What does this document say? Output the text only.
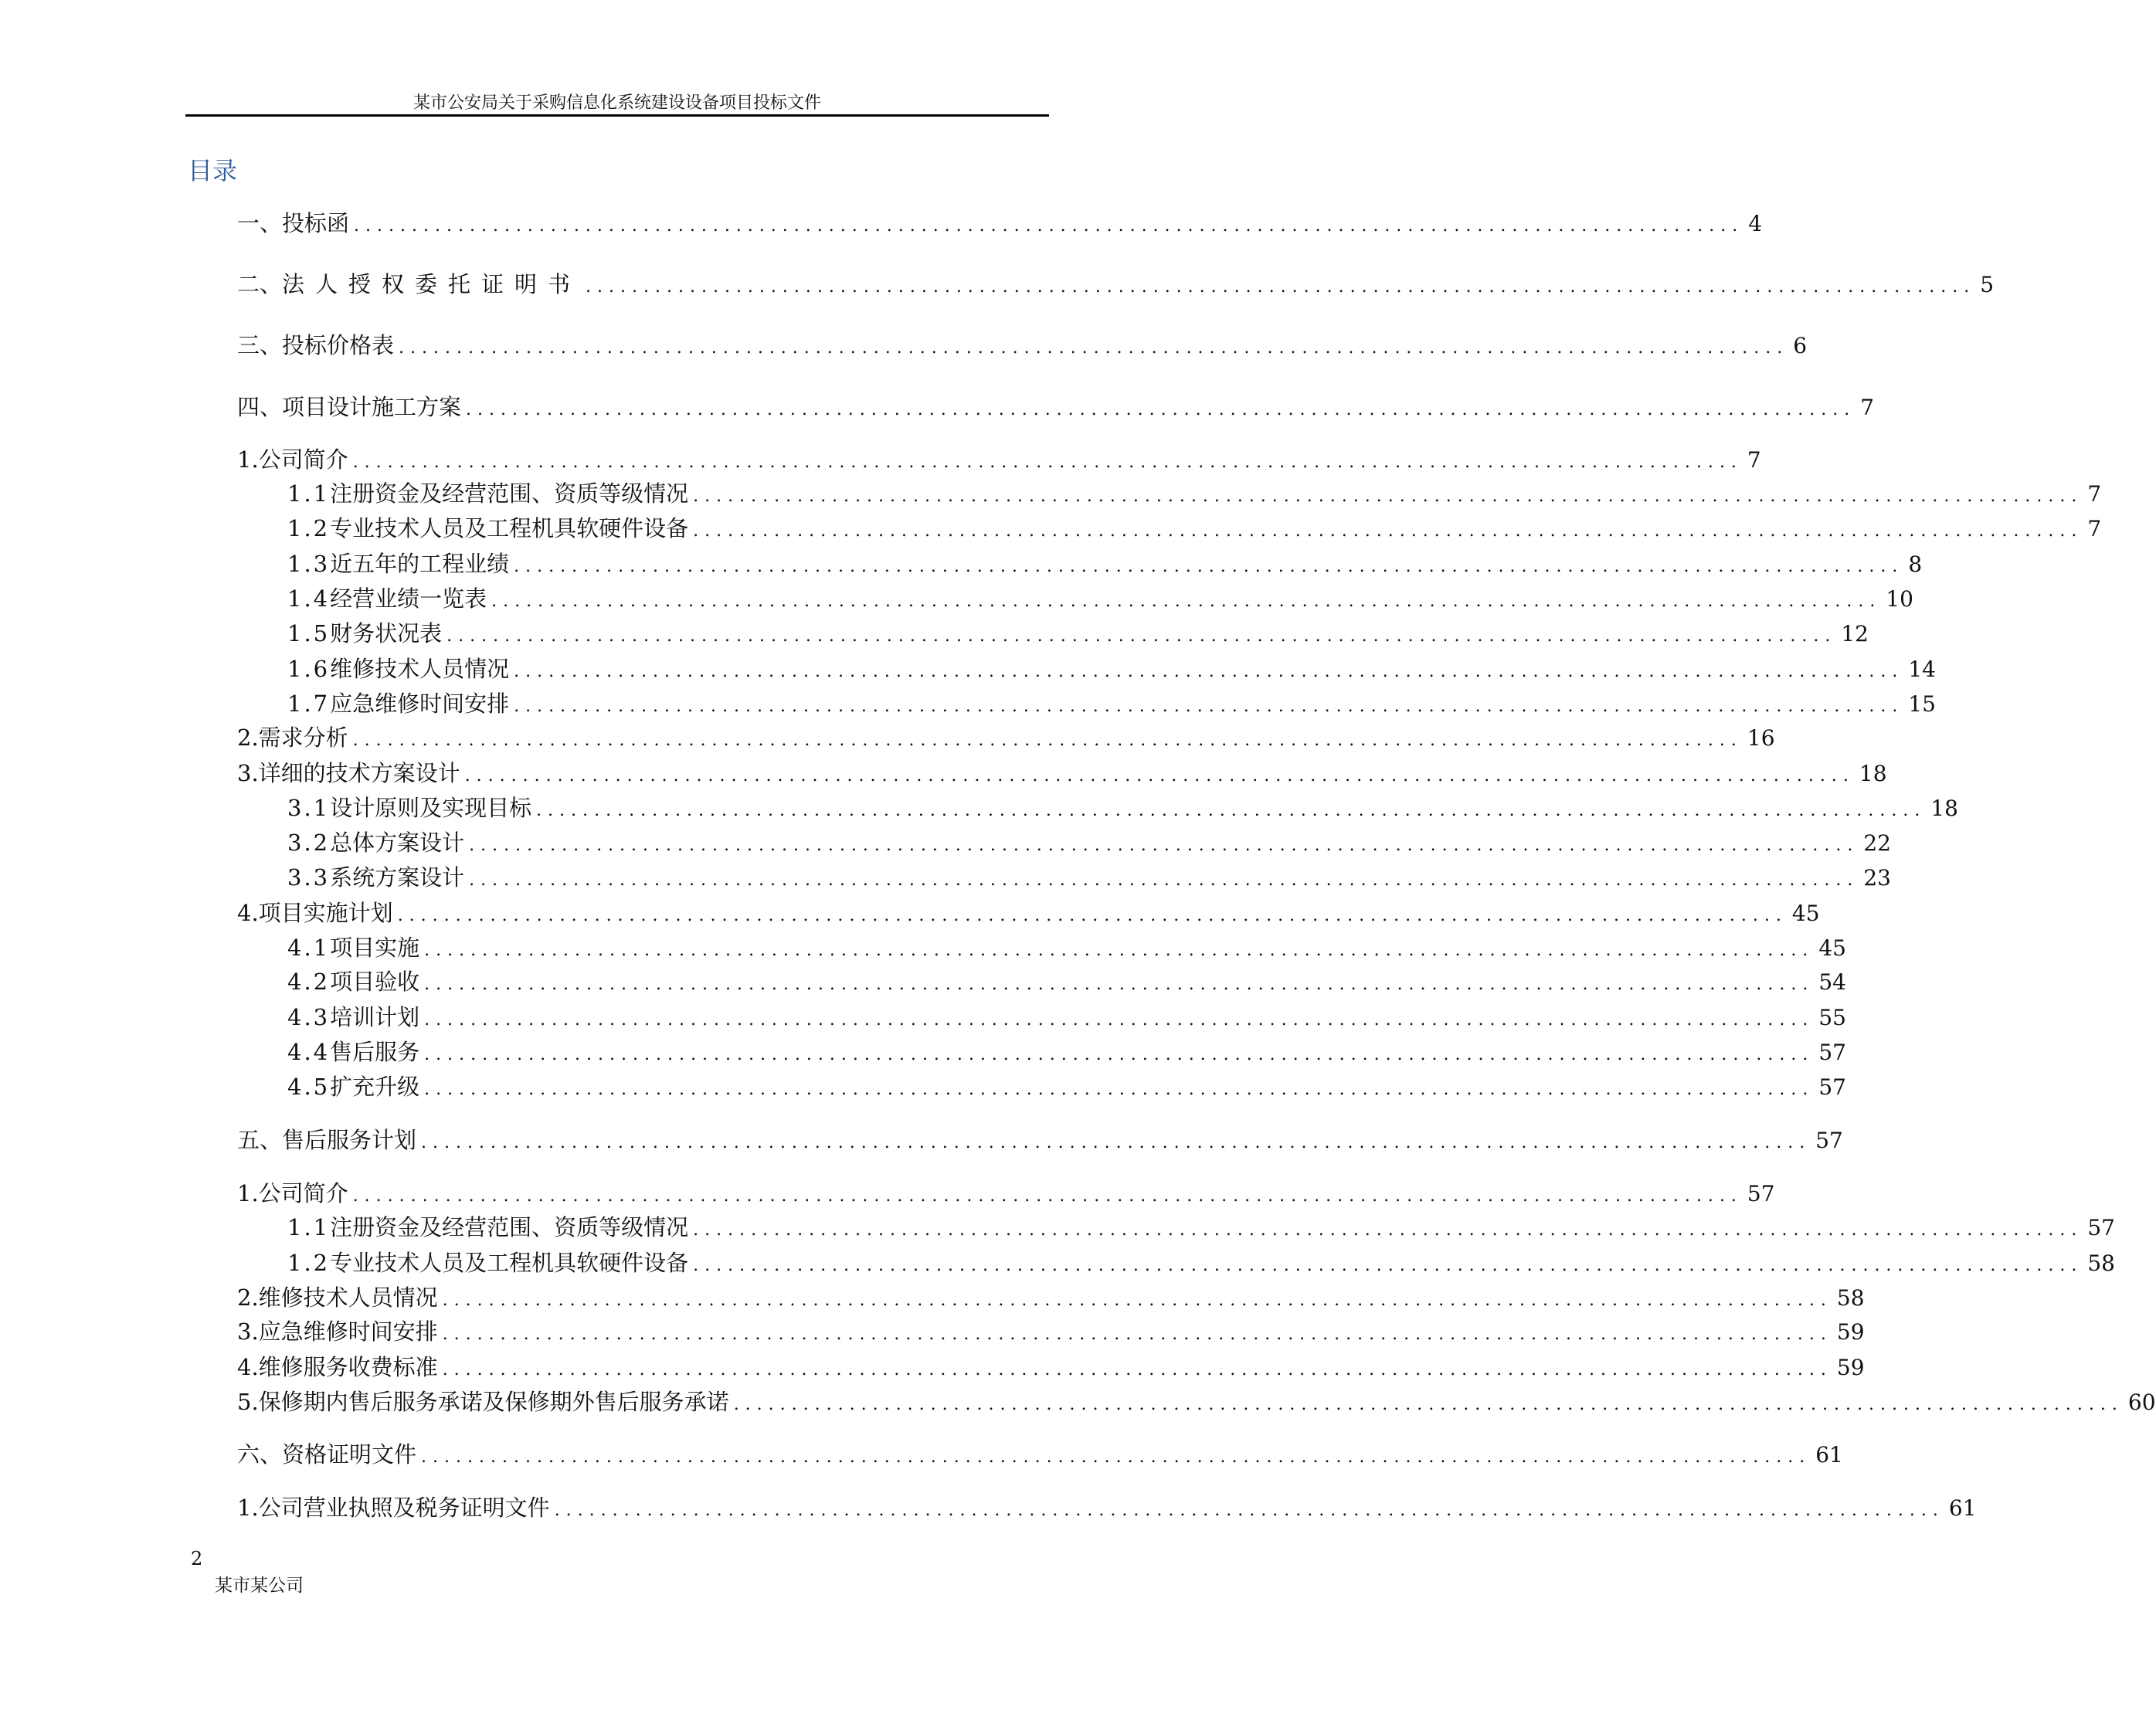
某市公安局关于采购信息化系统建设设备项目投标文件
目录
一、 投标函 ........................................................................................................................ 4
二、 法人授权委托证明书 ........................................................................................................................ 5
三、 投标价格表 ........................................................................................................................ 6
四、 项目设计施工方案 ........................................................................................................................ 7
1. 公司简介 ........................................................................................................................ 7
1.1 注册资金及经营范围、资质等级情况 ........................................................................................................................ 7
1.2 专业技术人员及工程机具软硬件设备 ........................................................................................................................ 7
1.3 近五年的工程业绩 ........................................................................................................................ 8
1.4 经营业绩一览表 ........................................................................................................................ 10
1.5 财务状况表 ........................................................................................................................ 12
1.6 维修技术人员情况 ........................................................................................................................ 14
1.7 应急维修时间安排 ........................................................................................................................ 15
2. 需求分析 ........................................................................................................................ 16
3. 详细的技术方案设计 ........................................................................................................................ 18
3.1 设计原则及实现目标 ........................................................................................................................ 18
3.2 总体方案设计 ........................................................................................................................ 22
3.3 系统方案设计 ........................................................................................................................ 23
4. 项目实施计划 ........................................................................................................................ 45
4.1 项目实施 ........................................................................................................................ 45
4.2 项目验收 ........................................................................................................................ 54
4.3 培训计划 ........................................................................................................................ 55
4.4 售后服务 ........................................................................................................................ 57
4.5 扩充升级 ........................................................................................................................ 57
五、 售后服务计划 ........................................................................................................................ 57
1. 公司简介 ........................................................................................................................ 57
1.1 注册资金及经营范围、资质等级情况 ........................................................................................................................ 57
1.2 专业技术人员及工程机具软硬件设备 ........................................................................................................................ 58
2. 维修技术人员情况 ........................................................................................................................ 58
3. 应急维修时间安排 ........................................................................................................................ 59
4. 维修服务收费标准 ........................................................................................................................ 59
5. 保修期内售后服务承诺及保修期外售后服务承诺 ........................................................................................................................ 60
六、 资格证明文件 ........................................................................................................................ 61
1. 公司营业执照及税务证明文件 ........................................................................................................................ 61
2
某市某公司
